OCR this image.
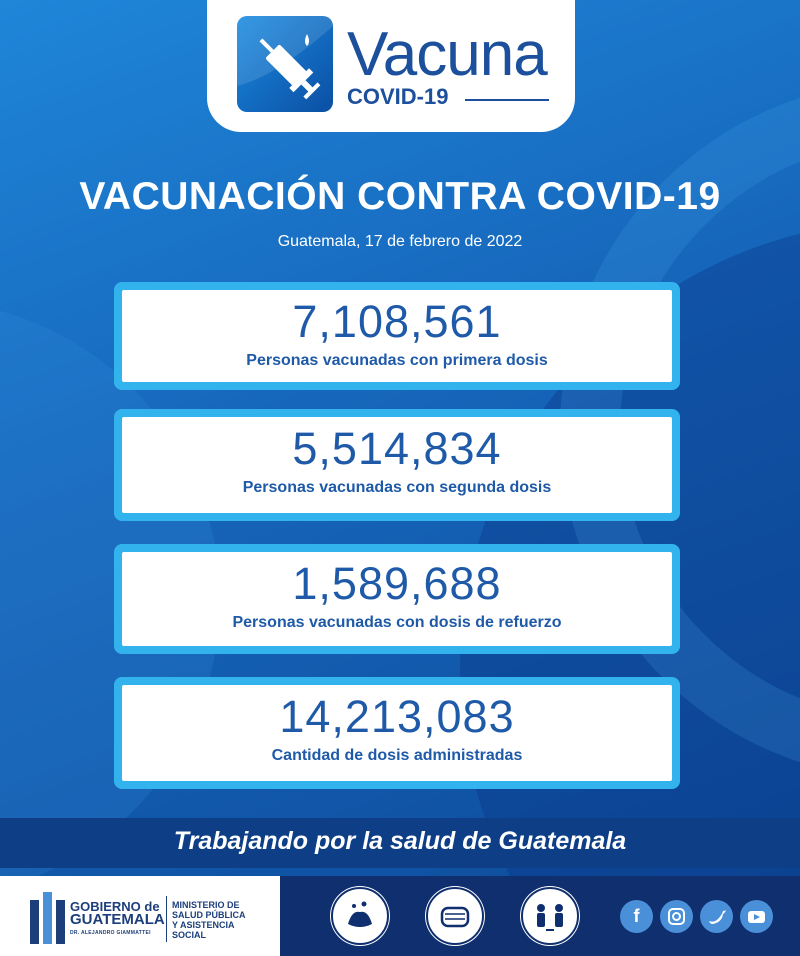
Vacuna
COVID-19
VACUNACIÓN CONTRA COVID-19
Guatemala, 17 de febrero de 2022
7,108,561
Personas vacunadas con primera dosis
5,514,834
Personas vacunadas con segunda dosis
1,589,688
Personas vacunadas con dosis de refuerzo
14,213,083
Cantidad de dosis administradas
Trabajando por la salud de Guatemala
GOBIERNO de
GUATEMALA
DR. ALEJANDRO GIAMMATTEI
MINISTERIO DE
SALUD PÚBLICA
Y ASISTENCIA
SOCIAL
f
